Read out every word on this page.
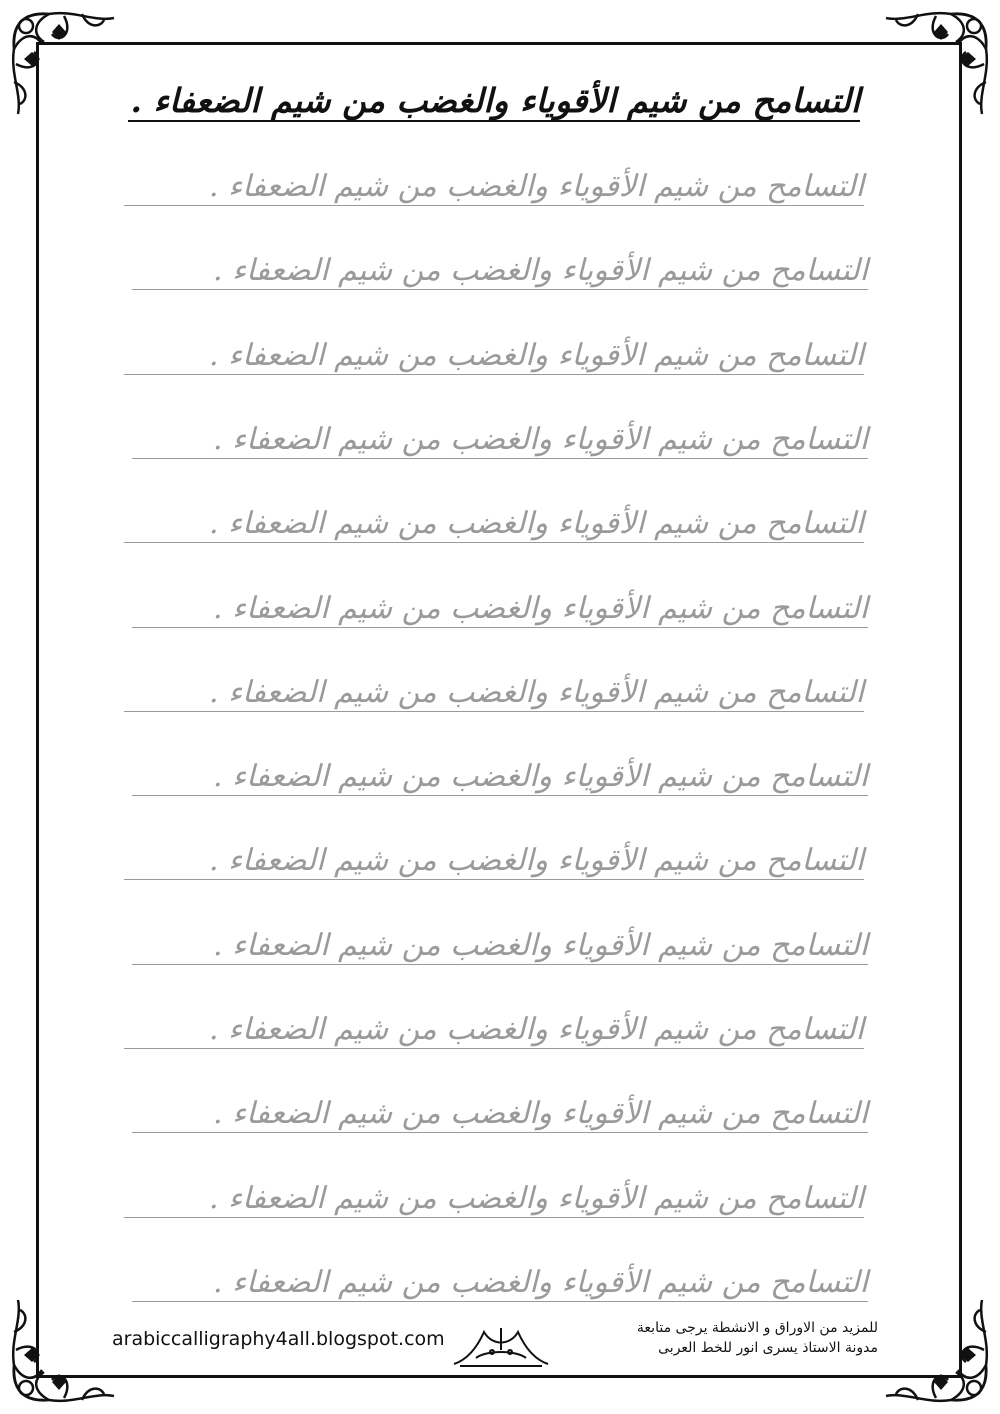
التسامح من شيم الأقوياء والغضب من شيم الضعفاء .
التسامح من شيم الأقوياء والغضب من شيم الضعفاء .
التسامح من شيم الأقوياء والغضب من شيم الضعفاء .
التسامح من شيم الأقوياء والغضب من شيم الضعفاء .
التسامح من شيم الأقوياء والغضب من شيم الضعفاء .
التسامح من شيم الأقوياء والغضب من شيم الضعفاء .
التسامح من شيم الأقوياء والغضب من شيم الضعفاء .
التسامح من شيم الأقوياء والغضب من شيم الضعفاء .
التسامح من شيم الأقوياء والغضب من شيم الضعفاء .
التسامح من شيم الأقوياء والغضب من شيم الضعفاء .
التسامح من شيم الأقوياء والغضب من شيم الضعفاء .
التسامح من شيم الأقوياء والغضب من شيم الضعفاء .
التسامح من شيم الأقوياء والغضب من شيم الضعفاء .
التسامح من شيم الأقوياء والغضب من شيم الضعفاء .
التسامح من شيم الأقوياء والغضب من شيم الضعفاء .
arabiccalligraphy4all.blogspot.com	للمزيد من الاوراق و الانشطة يرجى متابعة
مدونة الاستاذ يسرى انور للخط العربى
